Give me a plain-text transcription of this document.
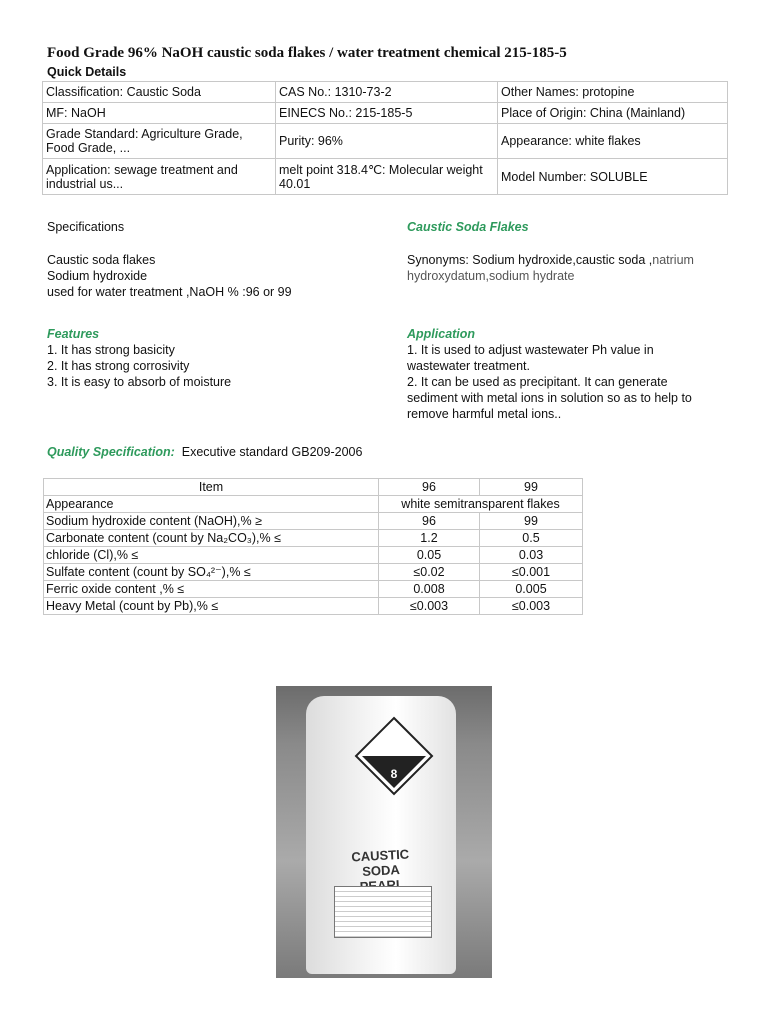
Food Grade 96% NaOH caustic soda flakes / water treatment chemical 215-185-5
Quick Details
Classification: Caustic Soda	CAS No.: 1310-73-2	Other Names: protopine
MF: NaOH	EINECS No.: 215-185-5	Place of Origin: China (Mainland)
Grade Standard: Agriculture Grade, Food Grade, ...	Purity: 96%	Appearance: white flakes
Application: sewage treatment and industrial us...	melt point 318.4℃: Molecular weight 40.01	Model Number: SOLUBLE
Specifications	Caustic Soda Flakes
Caustic soda flakes
Sodium hydroxide
used for water treatment ,NaOH % :96 or 99
Synonyms: Sodium hydroxide,caustic soda ,natrium
hydroxydatum,sodium hydrate
Features
1. It has strong basicity
2. It has strong corrosivity
3. It is easy to absorb of moisture
Application
1. It is used to adjust wastewater Ph value in
wastewater treatment.
2. It can be used as precipitant. It can generate
sediment with metal ions in solution so as to help to
remove harmful metal ions..
Quality Specification: Executive standard GB209-2006
Item	96	99
Appearance	white semitransparent flakes	
Sodium hydroxide content (NaOH),% ≥	96	99
Carbonate content (count by Na₂CO₃),% ≤	1.2	0.5
chloride (Cl),% ≤	0.05	0.03
Sulfate content (count by SO₄²⁻),% ≤	≤0.02	≤0.001
Ferric oxide content ,% ≤	0.008	0.005
Heavy Metal (count by Pb),% ≤	≤0.003	≤0.003
8
CAUSTIC SODA
